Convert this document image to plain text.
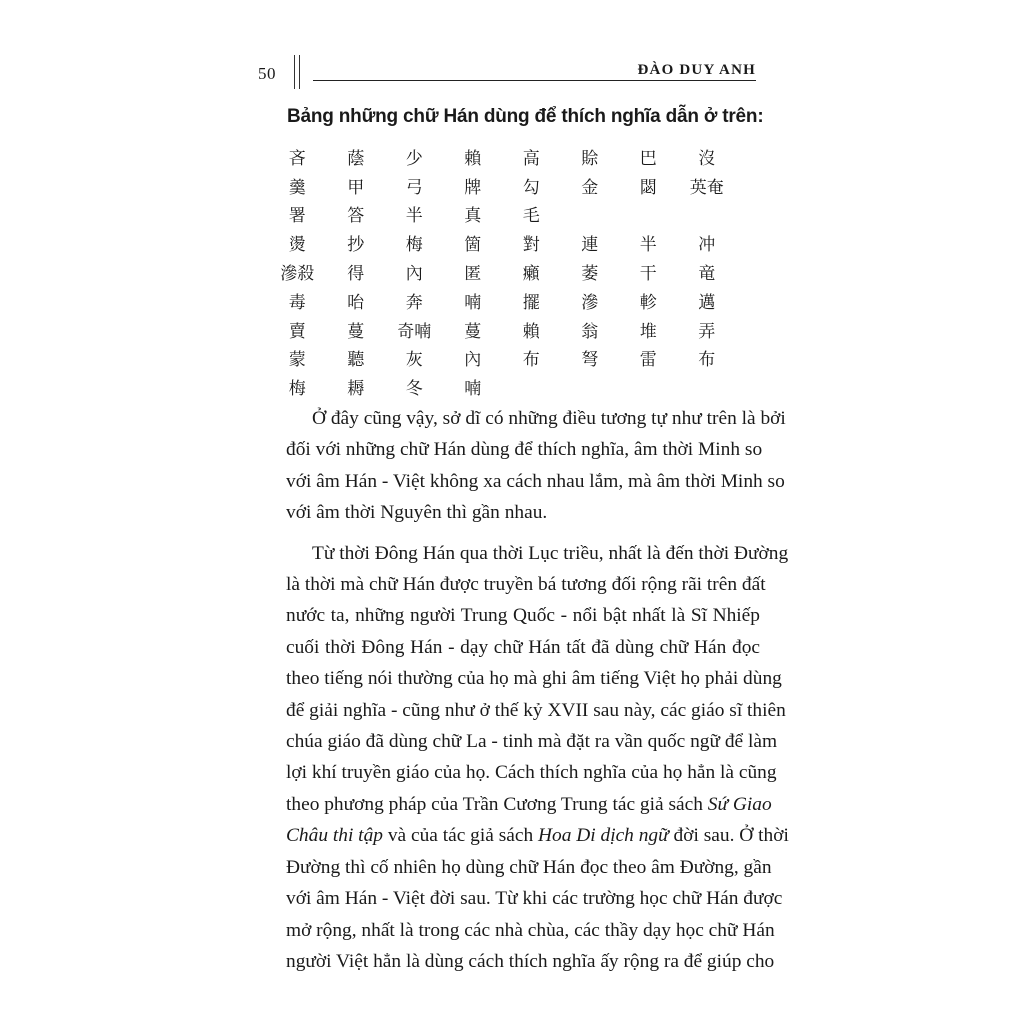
50	ĐÀO DUY ANH
Bảng những chữ Hán dùng để thích nghĩa dẫn ở trên:
吝	蔭	少	賴	高	賒	巴	沒
羹	甲	弓	牌	勾	金	閟	英奄
署	答	半	真	毛
燙	抄	梅	箇	對	連	半	冲
滲殺	得	內	匿	癩	萎	干	竜
毒	咍	奔	喃	擺	滲	軫	邁
賣	蔓	奇喃	蔓	賴	翁	堆	弄
蒙	聽	灰	內	布	弩	雷	布
梅	耨	冬	喃

Ở đây cũng vậy, sở dĩ có những điều tương tự như trên là bởi
đối với những chữ Hán dùng để thích nghĩa, âm thời Minh so
với âm Hán - Việt không xa cách nhau lắm, mà âm thời Minh so
với âm thời Nguyên thì gần nhau.

Từ thời Đông Hán qua thời Lục triều, nhất là đến thời Đường
là thời mà chữ Hán được truyền bá tương đối rộng rãi trên đất
nước ta, những người Trung Quốc - nổi bật nhất là Sĩ Nhiếp
cuối thời Đông Hán - dạy chữ Hán tất đã dùng chữ Hán đọc
theo tiếng nói thường của họ mà ghi âm tiếng Việt họ phải dùng
để giải nghĩa - cũng như ở thế kỷ XVII sau này, các giáo sĩ thiên
chúa giáo đã dùng chữ La - tinh mà đặt ra vần quốc ngữ để làm
lợi khí truyền giáo của họ. Cách thích nghĩa của họ hẳn là cũng
theo phương pháp của Trần Cương Trung tác giả sách Sứ Giao
Châu thi tập và của tác giả sách Hoa Di dịch ngữ đời sau. Ở thời
Đường thì cố nhiên họ dùng chữ Hán đọc theo âm Đường, gần
với âm Hán - Việt đời sau. Từ khi các trường học chữ Hán được
mở rộng, nhất là trong các nhà chùa, các thầy dạy học chữ Hán
người Việt hẳn là dùng cách thích nghĩa ấy rộng ra để giúp cho
